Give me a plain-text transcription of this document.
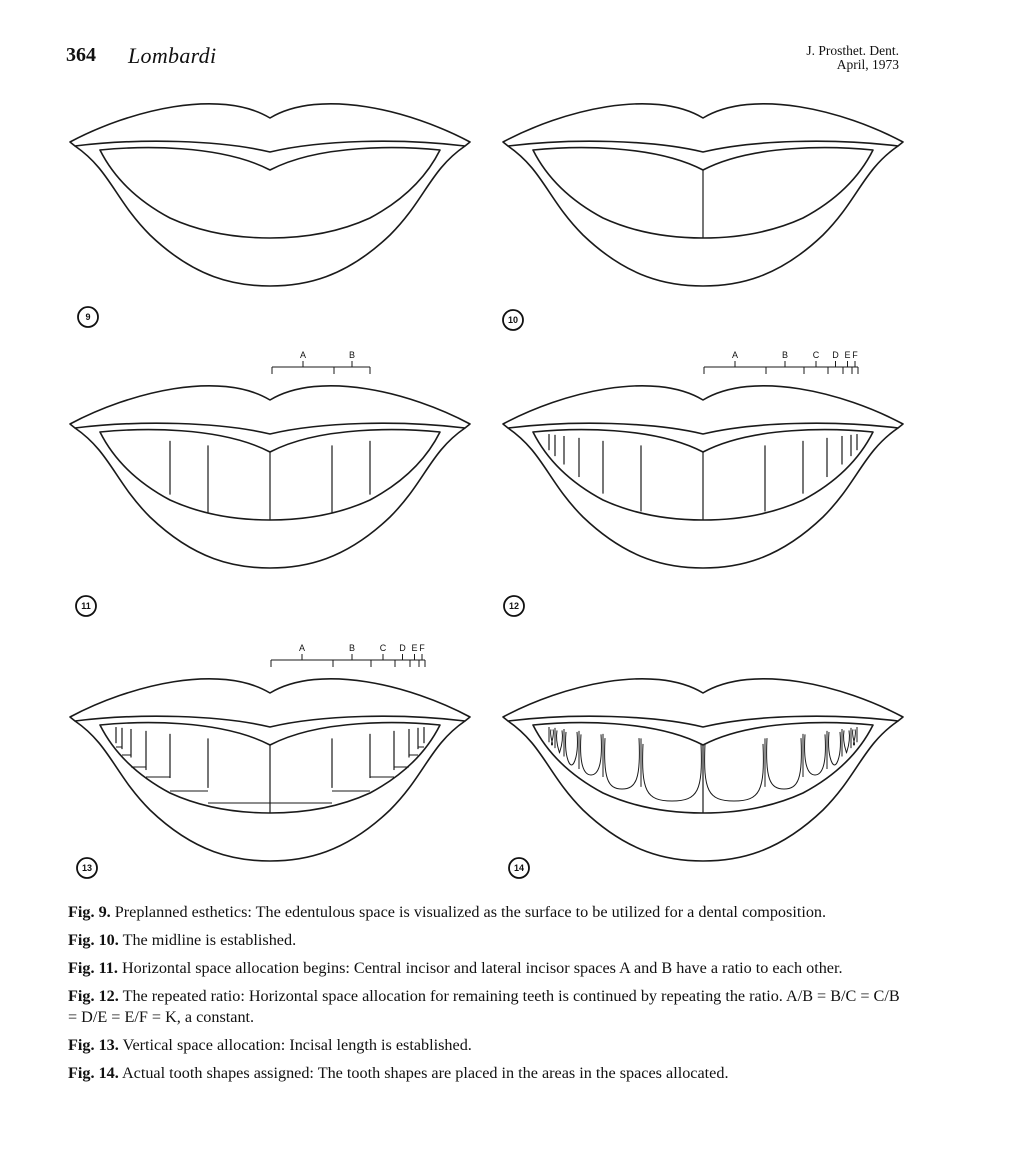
364 Lombardi	J. Prosthet. Dent.
April, 1973
9	10
A	B
11
A	B	C D E F
12
A	B	C D E F
13	14

Fig. 9. Preplanned esthetics: The edentulous space is visualized as the surface to be utilized for a dental composition.

Fig. 10. The midline is established.

Fig. 11. Horizontal space allocation begins: Central incisor and lateral incisor spaces A and B have a ratio to each other.

Fig. 12. The repeated ratio: Horizontal space allocation for remaining teeth is continued by repeating the ratio. A/B = B/C = C/B = D/E = E/F = K, a constant.

Fig. 13. Vertical space allocation: Incisal length is established.

Fig. 14. Actual tooth shapes assigned: The tooth shapes are placed in the areas in the spaces allocated.
